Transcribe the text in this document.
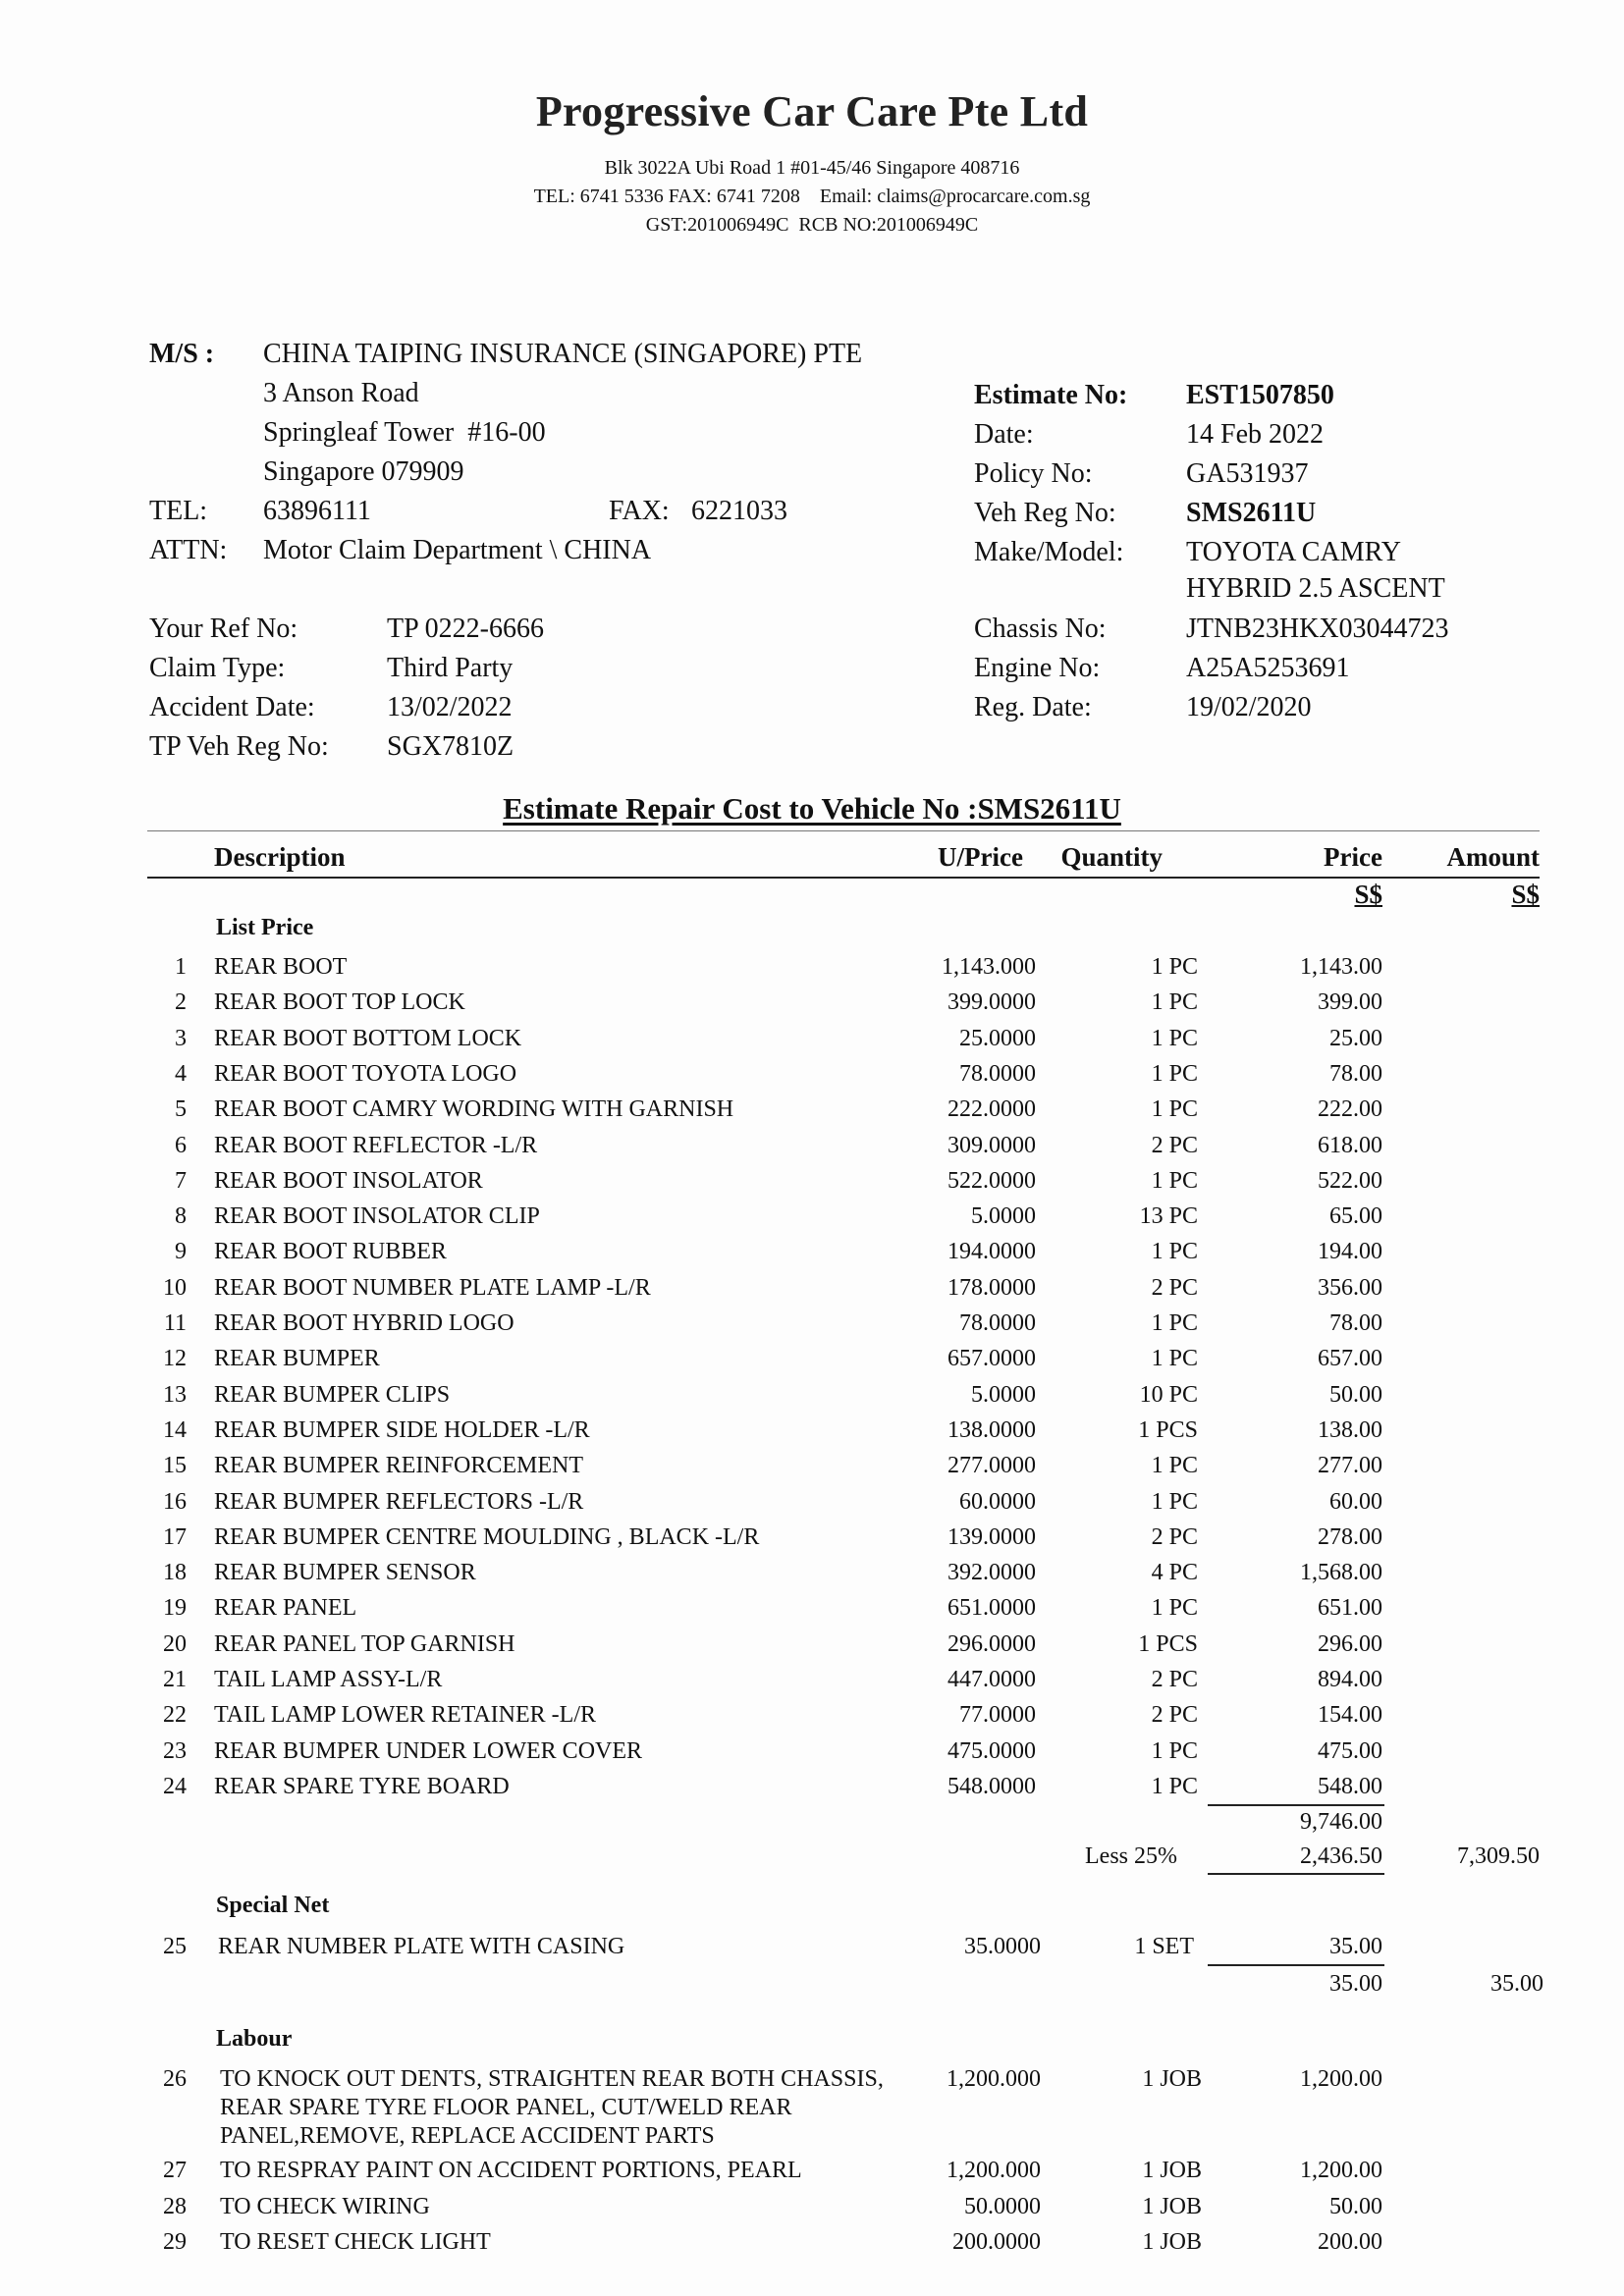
Progressive Car Care Pte Ltd
Blk 3022A Ubi Road 1 #01-45/46 Singapore 408716
TEL: 6741 5336 FAX: 6741 7208    Email: claims@procarcare.com.sg
GST:201006949C  RCB NO:201006949C
M/S : CHINA TAIPING INSURANCE (SINGAPORE) PTE
3 Anson Road
Springleaf Tower  #16-00
Singapore 079909
TEL: 63896111	FAX: 6221033
ATTN: Motor Claim Department \ CHINA
Estimate No: EST1507850
Date:	14 Feb 2022
Policy No:	GA531937
Veh Reg No:	SMS2611U
Make/Model: TOYOTA CAMRY
HYBRID 2.5 ASCENT
Chassis No:	JTNB23HKX03044723
Engine No:	A25A5253691
Reg. Date:	19/02/2020
Your Ref No:	TP 0222-6666
Claim Type:	Third Party
Accident Date:	13/02/2022
TP Veh Reg No: SGX7810Z
Estimate Repair Cost to Vehicle No :SMS2611U
Description	U/Price Quantity	Price Amount
S$	S$
List Price
1 REAR BOOT	1,143.000	1 PC	1,143.00
2 REAR BOOT TOP LOCK	399.0000	1 PC	399.00
3 REAR BOOT BOTTOM LOCK	25.0000	1 PC	25.00
4 REAR BOOT TOYOTA LOGO	78.0000	1 PC	78.00
5 REAR BOOT CAMRY WORDING WITH GARNISH	222.0000	1 PC	222.00
6 REAR BOOT REFLECTOR -L/R	309.0000	2 PC	618.00
7 REAR BOOT INSOLATOR	522.0000	1 PC	522.00
8 REAR BOOT INSOLATOR CLIP	5.0000	13 PC	65.00
9 REAR BOOT RUBBER	194.0000	1 PC	194.00
10 REAR BOOT NUMBER PLATE LAMP -L/R	178.0000	2 PC	356.00
11 REAR BOOT HYBRID LOGO	78.0000	1 PC	78.00
12 REAR BUMPER	657.0000	1 PC	657.00
13 REAR BUMPER CLIPS	5.0000	10 PC	50.00
14 REAR BUMPER SIDE HOLDER -L/R	138.0000	1 PCS	138.00
15 REAR BUMPER REINFORCEMENT	277.0000	1 PC	277.00
16 REAR BUMPER REFLECTORS -L/R	60.0000	1 PC	60.00
17 REAR BUMPER CENTRE MOULDING , BLACK -L/R	139.0000	2 PC	278.00
18 REAR BUMPER SENSOR	392.0000	4 PC	1,568.00
19 REAR PANEL	651.0000	1 PC	651.00
20 REAR PANEL TOP GARNISH	296.0000	1 PCS	296.00
21 TAIL LAMP ASSY-L/R	447.0000	2 PC	894.00
22 TAIL LAMP LOWER RETAINER -L/R	77.0000	2 PC	154.00
23 REAR BUMPER UNDER LOWER COVER	475.0000	1 PC	475.00
24 REAR SPARE TYRE BOARD	548.0000	1 PC	548.00
9,746.00
Less 25%	2,436.50	7,309.50
Special Net
25 REAR NUMBER PLATE WITH CASING	35.0000	1 SET	35.00
35.00	35.00
Labour
26 TO KNOCK OUT DENTS, STRAIGHTEN REAR BOTH CHASSIS,
REAR SPARE TYRE FLOOR PANEL, CUT/WELD REAR
PANEL,REMOVE, REPLACE ACCIDENT PARTS
1,200.000	1 JOB	1,200.00
27 TO RESPRAY PAINT ON ACCIDENT PORTIONS, PEARL	1,200.000	1 JOB	1,200.00
28 TO CHECK WIRING	50.0000	1 JOB	50.00
29 TO RESET CHECK LIGHT	200.0000	1 JOB	200.00
